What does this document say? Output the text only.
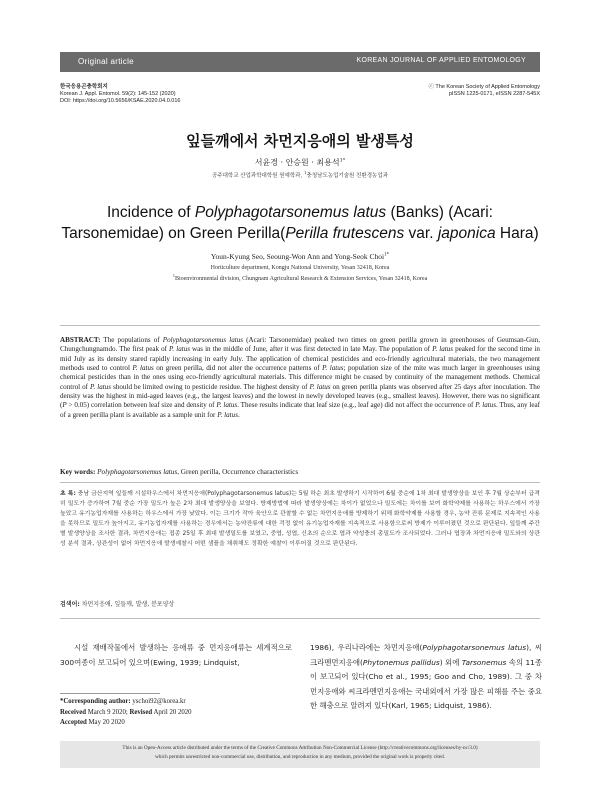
Original article	KOREAN JOURNAL OF APPLIED ENTOMOLOGY
한국응용곤충학회지
Korean J. Appl. Entomol. 59(2): 145-152 (2020)
DOI: https://doi.org/10.5656/KSAE.2020.04.0.016
ⓒ The Korean Society of Applied Entomology
pISSN 1225-0171, eISSN 2287-545X
잎들깨에서 차먼지응애의 발생특성
서윤경 · 안승원 · 최용석$^{1*}$
공주대학교 산업과학대학원 원예학과, $^1$충청남도농업기술원 친환경농업과
Incidence of Polyphagotarsonemus latus (Banks) (Acari: Tarsonemidae) on Green Perilla(Perilla frutescens var. japonica Hara)
Youn-Kyung Seo, Seoung-Won Ann and Yong-Seok Choi$^{1*}$
Horticulture department, Kongju National University, Yesan 32418, Korea
$^1$Bioenvironmental division, Chungnam Agricultural Research & Extension Services, Yesan 32418, Korea
ABSTRACT: The populations of Polyphagotarsonemus latus (Acari: Tarsonemidae) peaked two times on green perilla grown in greenhouses of Geumsan-Gun, Chungchungnamdo. The first peak of P. latus was in the middle of June, after it was first detected in late May. The population of P. latus peaked for the second time in mid July as its density stared rapidly increasing in early July. The application of chemical pesticides and eco-friendly agricultural materials, the two management methods used to control P. latus on green perilla, did not alter the occurrence patterns of P. latus; population size of the mite was much larger in greenhouses using chemical pesticides than in the ones using eco-friendly agricultural materials. This difference might be cuased by continuity of the management methods. Chemical control of P. latus should be limited owing to pesticide residue. The highest density of P. latus on green perilla plants was observed after 25 days after inoculation. The density was the highest in mid-aged leaves (e.g., the largest leaves) and the lowest in newly developed leaves (e.g., smallest leaves). However, there was no significant (P > 0.05) correlation between leaf size and density of P. latus. These results indicate that leaf size (e.g., leaf age) did not affect the occurrence of P. latus. Thus, any leaf of a green perilla plant is available as a sample unit for P. latus.
Key words: Polyphagotarsonemus latus, Green perilla, Occurrence characteristics
초 록: 충남 금산지역 잎들깨 시설하우스에서 차먼지응애(Polyphagotarsonemus latus)는 5월 하순 최초 발생하기 시작하여 6월 중순에 1차 최대 발생양상을 보인 후 7월 상순부터 급격히 밀도가 증가하여 7월 중순 가장 밀도가 높은 2차 최대 발생양상을 보였다. 방제방법에 따라 발생양상에는 차이가 없었으나 밀도에는 차이를 보여 화학약제를 사용하는 하우스에서 가장 높았고 유기농업자재를 사용하는 하우스에서 가장 낮았다. 이는 크기가 작아 육안으로 관찰할 수 없는 차먼지응애를 방제하기 위해 화학약제를 사용할 경우, 농약 잔류 문제로 지속적인 사용을 못하므로 밀도가 높아지고, 유기농업자재를 사용하는 경우에서는 농약잔류에 대한 걱정 없이 유기농업자재를 지속적으로 사용함으로써 방제가 이루어졌던 것으로 판단된다. 잎들깨 주간별 발생양상을 조사한 결과, 차먼지응애는 접종 25일 후 최대 발생밀도를 보였고, 중엽, 성엽, 신초의 순으로 엽과 약성충의 총밀도가 조사되었다. 그러나 엽장과 차먼지응애 밀도와의 상관성 분석 결과, 상관성이 없어 차먼지응애 발생예찰시 어떤 샘플을 채취해도 정확한 예찰이 이루어질 것으로 판단된다.
검색어: 차먼지응애, 잎들깨, 발생, 분포양상
시설 재배작물에서 발생하는 응애류 중 먼지응애류는 세계적으로 300여종이 보고되어 있으며(Ewing, 1939; Lindquist,
1986), 우리나라에는 차먼지응애(Polyphagotarsonemus latus), 씨크라멘먼지응애(Phytonemus pallidus) 외에 Tarsonemus 속의 11종이 보고되어 있다(Cho et al., 1995; Goo and Cho, 1989). 그 중 차먼지응애와 씨크라멘먼지응애는 국내외에서 가장 많은 피해를 주는 중요한 해충으로 알려져 있다(Karl, 1965; Lidquist, 1986).
*Corresponding author: yschoi92@korea.kr
Received March 9 2020; Revised April 20 2020
Accepted May 20 2020
This is an Open-Access article distributed under the terms of the Creative Commons Attribution Non-Commercial License (http://creativecommons.org/licenses/by-nc/3.0)
which permits unrestricted non-commercial use, distribution, and reproduction in any medium, provided the original work is properly cited.
